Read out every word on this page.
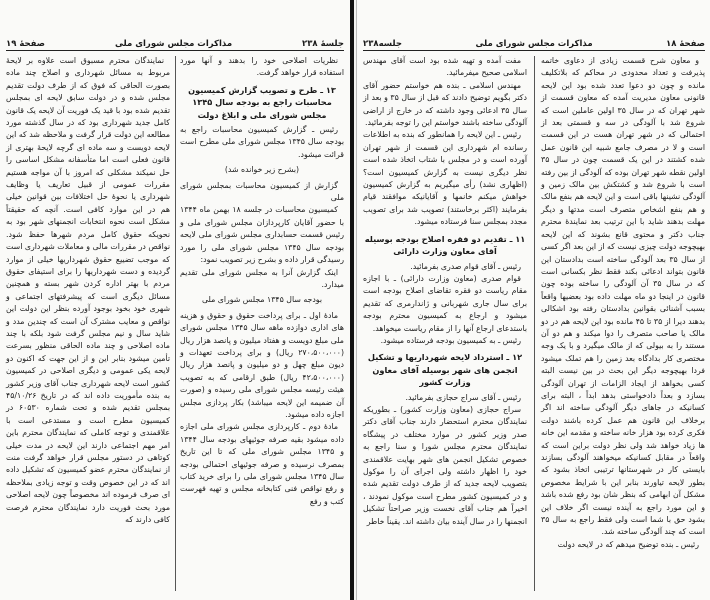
صفحهٔ ۱۹	مذاکرات مجلس شورای ملی	جلسهٔ ۲۳۸
نظریات اصلاحی خود را بدهند و آنها مورد استفاده قرار خواهد گرفت.
۱۳ ـ طرح و تصویب گزارش کمیسیون محاسبات راجع به بودجه سال ۱۳۴۵ مجلس شورای ملی و ابلاغ دولت
رئیس ـ گزارش کمیسیون محاسبات راجع به بودجه سال ۱۳۴۵ مجلس شورای ملی مطرح است قرائت میشود.
(بشرح زیر خوانده شد)
گزارش از کمیسیون محاسبات بمجلس شورای ملی
کمیسیون محاسبات در جلسه ۱۸ بهمن ماه ۱۳۴۴ با حضور آقایان کارپردازان مجلس شورای ملی و رئیس قسمت حسابداری مجلس شورای ملی لایحه بودجه سال ۱۳۴۵ مجلس شورای ملی را مورد رسیدگی قرار داده و بشرح زیر تصویب نمود:
اینک گزارش آنرا به مجلس شورای ملی تقدیم میدارد.
بودجه سال ۱۳۴۵ مجلس شورای ملی
مادهٔ اول ـ برای پرداخت حقوق و حقوق و هزینه های اداری دوازده ماهه سال ۱۳۴۵ مجلس شورای ملی مبلغ دویست و هفتاد میلیون و پانصد هزار ریال (۲۷۰،۵۰۰،۰۰۰ ریال) و برای پرداخت تعهدات و دیون مبلغ چهل و دو میلیون و پانصد هزار ریال (۴۲،۵۰۰،۰۰۰ ریال) طبق ارقامی که به تصویب هیئت رئیسه مجلس شورای ملی رسیده و (صورت آن ضمیمه این لایحه میباشد) بکار پردازی مجلس اجازه داده میشود.
مادهٔ دوم ـ کارپردازی مجلس شورای ملی اجازه داده میشود بقیه صرفه جوئیهای بودجه سال ۱۳۴۴ و ۱۳۴۵ مجلس شورای ملی که تا این تاریخ بمصرف نرسیده و صرفه جوئیهای احتمالی بودجه سال ۱۳۴۵ مجلس شورای ملی را برای خرید کتاب و رفع نواقص فنی کتابخانه مجلس و تهیه فهرست کتب و رفع
نمایندگان محترم مسبوق است علاوه بر لایحهٔ مربوط به مسائل شهرداری و اصلاح چند ماده بصورت الحاقی که فوق که از طرف دولت تقدیم مجلس شده و در دولت سابق لایحه ای بمجلس تقدیم شده بود با قید یک فوریت آن لایحه یک قانون کامل جدید شهرداری بود که در سال گذشته مورد مطالعه این دولت قرار گرفت و ملاحظه شد که این لایحه دویست و سه ماده ای گرچه لایحهٔ بهتری از قانون فعلی است اما متأسفانه مشکل اساسی را حل نمیکند مشکلی که امروز با آن مواجه هستیم مقررات عمومی از قبیل تعاریف یا وظایف شهرداری یا نحوهٔ حل اختلافات بین قوانین خیلی هم در این موارد کافی است. آنچه که حقیقتاً مشکل است نحوه انتخابات انجمنهای شهر بود به نحویکه حقوق کامل مردم شهرها حفظ شود. نواقص در مقررات مالی و معاملات شهرداری است که موجب تضییع حقوق شهرداریها خیلی از موارد گردیده و دست شهرداریها را برای استیفای حقوق مردم با بهتر اداره کردن شهر بسته و همچنین مسائل دیگری است که پیشرفتهای اجتماعی و شهری خود بخود بوجود آورده بنظر این دولت این نواقص و معایب مشترک آن است که چندین مدد و شاید سال و نیم مجلس گرفت شود بلکه با چند ماده اصلاحی و چند ماده الحاقی منظور بسرعت تأمین میشود بنابر این و از این جهت که اکنون دو لایحه یکی عمومی و دیگری اصلاحی در کمیسیون کشور است لایحه شهرداری جناب آقای وزیر کشور به بنده مأموریت داده اند که در تاریخ ۴۵/۱۰/۲۶ بمجلس تقدیم شده و تحت شماره ۶۰۵۳۰ در کمیسیون مطرح است و مستدعی است با علاقمندی و توجه کاملی که نمایندگان محترم باین امر مهم اجتماعی دارند این لایحه در مدت خیلی کوتاهی در دستور مجلس قرار خواهد گرفت منت از نمایندگان محترم عضو کمیسیون که تشکیل داده اند که در این خصوص وقت و توجه زیادی بملاحظه ای صرف فرموده اند مخصوصاً چون لایحه اصلاحی مورد بحث فوریت دارد نمایندگان محترم فرصت کافی دارند که
جلسه۲۳۸	مذاکرات مجلس شورای ملی	صفحهٔ ۱۸
و معاون شرح قسمت زیادی از دعاوی خاتمه پذیرفت و تعداد محدودی در محاکم که بلاتکلیف مانده و چون دو دعوا تعدد شده بود این لایحه قانونی معاون مدیریت آمده که معاون قسمت از شهر تهران که در سال ۳۵ اولین عاملین است که شروع شد با آلودگی در سه و قسمتی بعد از احتمالی که در شهر تهران هست در این قسمت است و لا در مصرف جامع شبیه این قانون عمل شده کشتند در این یک قسمت چون در سال ۳۵ اولین نقطه شهر تهران بوده که آلودگی از بین رفته است با شروع شد و کشتکش بین مالک زمین و آلودگی نشینها باقی است و این لایحه هم بنفع مالک و هم بنفع اشخاص متصرف است مدتها و دیگر مهلت بدهند شاید با این ترتیب بعد نمایندۀ محترم جناب دکتر و محتوی قانع بشوند که این لایحه بهیچوجه دولت چیزی نیست که از این بعد اگر کسی از سال ۳۵ بعد آلودگی ساخته است بدادستان این قانون بتواند ادعائی بکند فقط نظر بکسانی است که در سال ۳۵ آن آلودگی را ساخته بوده چون قانون در اینجا دو ماه مهلت داده بود بعضیها واقعاً بسبب آشنائی بقوانین بدادستان رفته بود اشکالی بدهند دیرا از ۳۵ تا ۴۵ مانده بود این لایحه هم در دو مالک یا صاحب متصرف را دوا میکند و هم دو آن مستند را به بیولی که از مالک میگیرد و با یک وجه مختصری کار بدادگاه بعد زمین را هم تملک میشود فردا بهیچوجه دیگر این بحث در بین نیست البته کسی بخواهد از ایجاد الزامات از تهران آلودگی بسازد و بعداً دادخواستی بدهد ابداً ، البته برای کسانیکه در جاهای دیگر آلودگی ساخته اند اگر برخلاف این قانون هم عمل کرده باشند دولت فکری کرده بود هزار خانه ساخته و مقدمه این خانه ها زیاد خواهد شد ولی نظر دولت براین است که واقعاً در مقابل کسانیکه میخواهند آلودگی بسازند بایستی کار در شهرستانها ترتیبی اتخاذ بشود که بطور لایحه تیاورند بنابر این با شرایط مخصوص مشکل آن ابهامی که بنظر شان بود رفع شده باشد و این مورد راجع به آینده نیست اگر خلاف این بشود حق با شما است ولی فقط راجع به سال ۳۵ است که چند آلودگی ساخته شد.
رئیس ـ بنده توضیح میدهم که در لایحه دولت
مفت آمده و تهیه شده بود است آقای مهندس اسلامی صحیح میفرمائید.
مهندس اسلامی ـ بنده هم خواستم حضور آقای دکتر بگویم توضیح دادند که قبل از سال ۳۵ و بعد از سال ۳۵ ادعائی وجود داشته که در خارج از اراضی آلودگی ساخته باشند خواستم این را توجه بفرمائید.
رئیس ـ این لایحه را همانطور که بنده به اطلاعات رسانده ام شهرداری این قسمت از شهر تهران آورده است و در مجلس با شتاب اتخاذ شده است نظر دیگری نیست به گزارش کمیسیون است؟ (اظهاری نشد) رأی میگیریم به گزارش کمیسیون خواهش میکنم خانمها و آقایانیکه موافقند قیام بفرمایند (اکثر برخاستند) تصویب شد برای تصویب مجدد بمجلس سنا فرستاده میشود.
۱۱ ـ تقدیم دو فقره اصلاح بودجه بوسیله آقای معاون وزارت دارائی
رئیس ـ آقای قوام صدری بفرمائید.
قوام صدری (معاون وزارت دارائی) ـ با اجازه مقام ریاست دو فقره تقاضای اصلاح بودجه است برای سال جاری شهربانی و ژاندارمری که تقدیم میشود و ارجاع به کمیسیون محترم بودجه باستدعای ارجاع آنها را از مقام ریاست میخواهد.
رئیس ـ به کمیسیون بودجه فرستاده میشود.
۱۲ ـ استرداد لایحه شهرداریها و تشکیل انجمن های شهر بوسیله آقای معاون وزارت کشور
رئیس ـ آقای سراج حجازی بفرمائید.
سراج حجازی (معاون وزارت کشور) ـ بطوریکه نمایندگان محترم استحضار دارند جناب آقای دکتر صدر وزیر کشور در موارد مختلف در پیشگاه نمایندگان محترم مجلس شورا و سنا راجع به خصوص تشکیل انجمن های شهر بهایت علاقمندی خود را اظهار داشته ولی اجرای آن را موکول بتصویب لایحه جدید که از طرف دولت تقدیم شده و در کمیسیون کشور مطرح است موکول نمودند ، اخیراً هم جناب آقای نخست وزیر صراحتاً تشکیل انجمنها را در سال آینده بیان داشته اند. یقیناً خاطر
